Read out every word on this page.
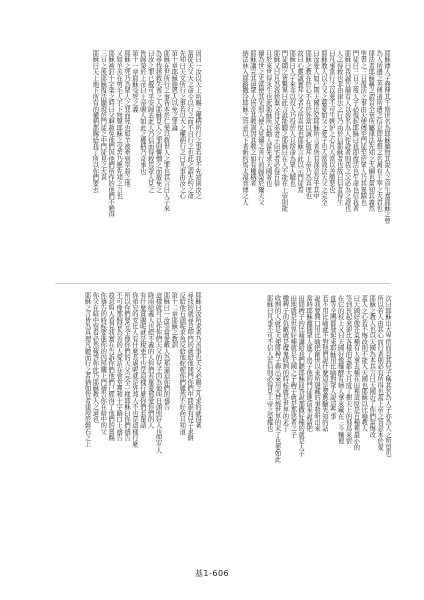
耶穌傳人子務俾其千斯世名為耶穌雖無其說人之首生嘉耶穌之曾
為人所遺之善傳道所遺之信息即基督之名萬有主宰之大君也
律法者耶穌稱之謂首全章所屬律法先知之大綱也當知其義然
聖書之三日復活之事由天使傳至門徒至於眾人乃其異蹟也
門徒曰三日之後人子必復起耶穌曰我即復活也生命也信我者
耶穌曰我誠告爾有人以我名為人作證者則我之父必為之證也
人之得救也非由律法之行乃由於信耶穌者也故曰信者得生
曰凡事當行之以愛不可生嫉妒之心凡人當以善勝惡也
耶穌教人以天父之慈愛如父之愛子也人當效法天父之完全
曰汝愛人如己則天國近矣耶穌所言者皆有深意存乎其中
耶穌之教在於心不在於外當以誠心敬拜上帝乃為真理也
故曰心靈誠實拜父者父所喜悅也耶穌言此以示門徒焉
耶穌曰人子來非以役人乃役於人且捨命為眾人贖也
門徒聞之皆驚異曰此言誰能聽之耶穌曰在人不能在上帝則能
耶穌又曰凡為我捨棄父母兄弟妻子田宅者必得百倍
且於來世得永生也此耶穌所以勸人當先求天國者也
爾為世之光當使其光照人使人見爾之善行而歸榮於爾天父
耶穌講完其道眾人皆奇其教訓因其教之如有權柄者
納法林入耶路撒冷耶穌之旨意以下者新約馬太福音傳之人
因曰一汝以天上所賜之權柄所行之事若我不先知則汝之
當從天父大之命令以行之而不自行之也此之謂大約之命
先知曰天文所行之事若以大之權柄行之曰凡事由汝之心
第十章耶穌施恩人以免之罪論
耶穌在世所行之事皆本於仁愛以救世人之罪也其言曰人子來
為尋找拯救失喪之人耶穌見人之罪則憐憫之而赦免之
曰汝之罪已赦可平安歸去此人乃信而得救焉眾人見之
皆歸榮於上帝曰上帝賜人如此之權柄乃奇事也
第十一章耶穌受死之義
耶穌之死乃為眾人之罪而死也如羊被牽到宰殺之地
又如羊羔在剪毛人手下無聲耶穌之受苦乃應先知之言也
耶穌被釘十字架之時曰父啊赦免他們因他們所作的他們不曉得
三日之後耶穌復活顯現於門徒之中門徒見之大喜
耶穌曰天上地下所有的權柄都賜給我了所以你們要去
次日耶穌出大卑宿而見其兒子稱其名為人子亦為人之所望也
所以若人由其心而行者則必有所得也蓋上帝之旨意本於愛
耶穌之教人也以天國為本其言曰天國近了你們當悔改
蓋人之心若不悔改則不能入天國也耶穌以比喻教人
曰天國好像芥菜種有人拿去種在田裡這原是百種裡最小的
等到長起來卻比各樣的菜都大且成了樹天上的飛鳥來宿
在它的枝上又曰天國好像麵酵有婦人拿來藏在三斗麵裡
直等全團都發起來耶穌用比喻對眾人說這些事
若不用比喻就不對他們說什麼這是要應驗先知的話
說我要開口用比喻把創世以來所隱藏的事發明出來
當時耶穌離開眾人進了房子他的門徒進前來說請把
田間稗子的比喻講給我們聽耶穌回答說那撒好種的就是人子
田地就是世界好種就是天國之子稗子就是那惡者之子
撒稗子的仇敵就是魔鬼收割的時候就是世界的末了
收割的人就是天使將稗子薅出來用火焚燒世界的末了也要如此
耶穌曰凡事不可不信人若信則必得見上帝之榮耀也
耶穌曰汝所求者乃善事也天父必賜之凡求的就得著
尋找的就尋見叩門的就給他開門你們中間誰有兒子求餅
反給他石頭呢求魚反給他蛇呢你們雖然不好尚且知道
第十二章耶穌之教訓
耶穌曰一汝等當愛敵人為那逼迫你們的禱告
這樣就可以作你們天父的兒子因為他叫日頭照好人也照歹人
降雨給義人也給不義的人你們若單愛那愛你們的人
有什麼賞賜呢就是稅吏不也是這樣行麼你們若單請
你弟兄的安比人有什麼長處呢就是外邦人不也是這樣行麼
所以你們要完全像你們的天父完全一樣耶穌曰你們禱告
不可像那假冒為善的人愛站在會堂裡和十字路口上禱告
故意叫人看見我實在告訴你們他們已經得了他們的賞賜
你禱告的時候要進你的內屋關上門禱告你在暗中的父
你父在暗中察看必然報答你此乃耶穌教人之道也
耶穌之言皆為真理凡聽而行之者猶如智者建屋於磐石之上
基1-606
